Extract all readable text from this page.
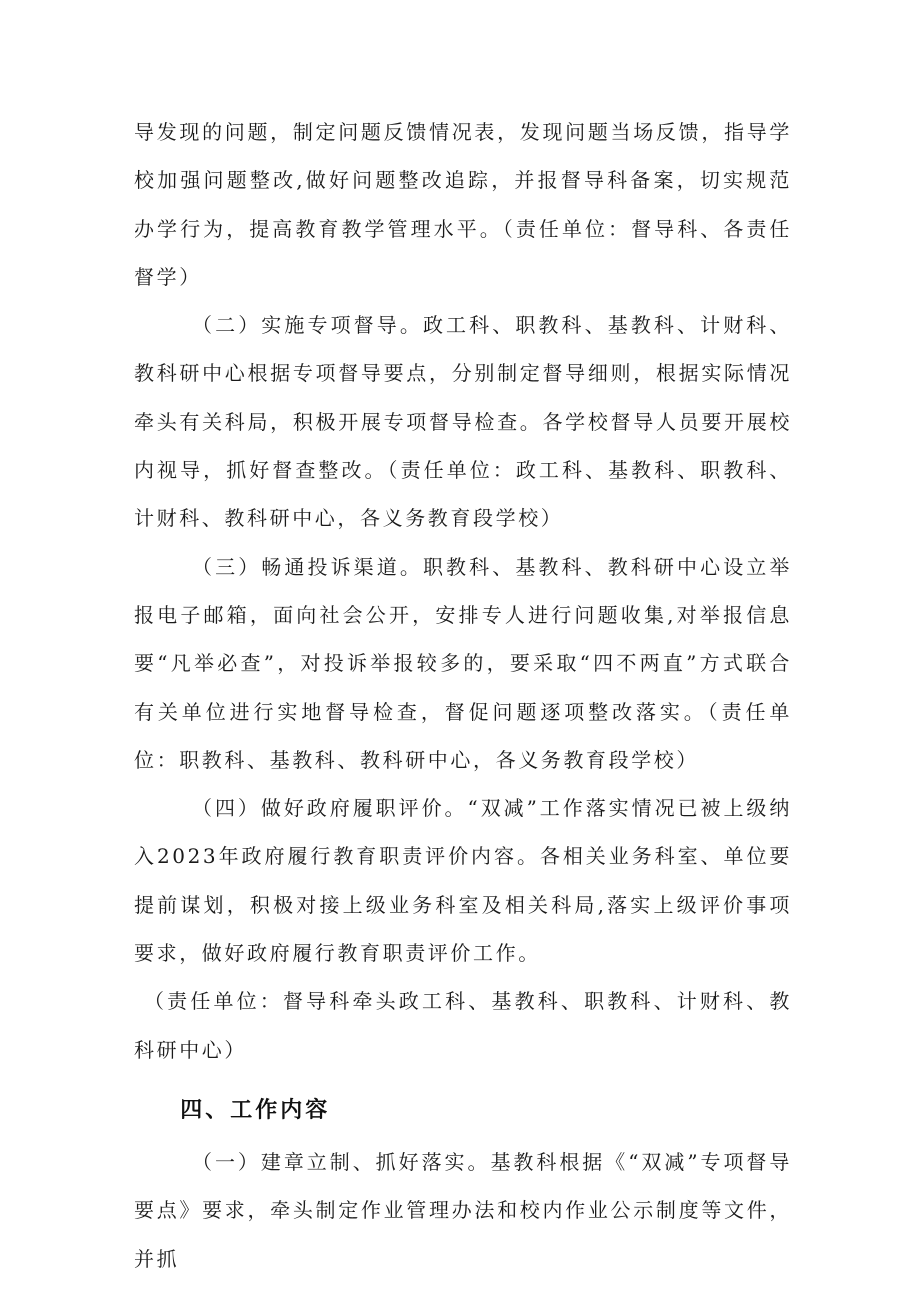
导发现的问题，制定问题反馈情况表，发现问题当场反馈，指导学校加强问题整改,做好问题整改追踪，并报督导科备案，切实规范办学行为，提高教育教学管理水平。（责任单位：督导科、各责任督学）

（二）实施专项督导。政工科、职教科、基教科、计财科、教科研中心根据专项督导要点，分别制定督导细则，根据实际情况牵头有关科局，积极开展专项督导检查。各学校督导人员要开展校内视导，抓好督查整改。（责任单位：政工科、基教科、职教科、计财科、教科研中心，各义务教育段学校）

（三）畅通投诉渠道。职教科、基教科、教科研中心设立举报电子邮箱，面向社会公开，安排专人进行问题收集,对举报信息要“凡举必查”，对投诉举报较多的，要采取“四不两直”方式联合有关单位进行实地督导检查，督促问题逐项整改落实。（责任单位：职教科、基教科、教科研中心，各义务教育段学校）

（四）做好政府履职评价。“双减”工作落实情况已被上级纳入2023年政府履行教育职责评价内容。各相关业务科室、单位要提前谋划，积极对接上级业务科室及相关科局,落实上级评价事项要求，做好政府履行教育职责评价工作。

（责任单位：督导科牵头政工科、基教科、职教科、计财科、教科研中心）

四、工作内容

（一）建章立制、抓好落实。基教科根据《“双减”专项督导要点》要求，牵头制定作业管理办法和校内作业公示制度等文件，并抓
